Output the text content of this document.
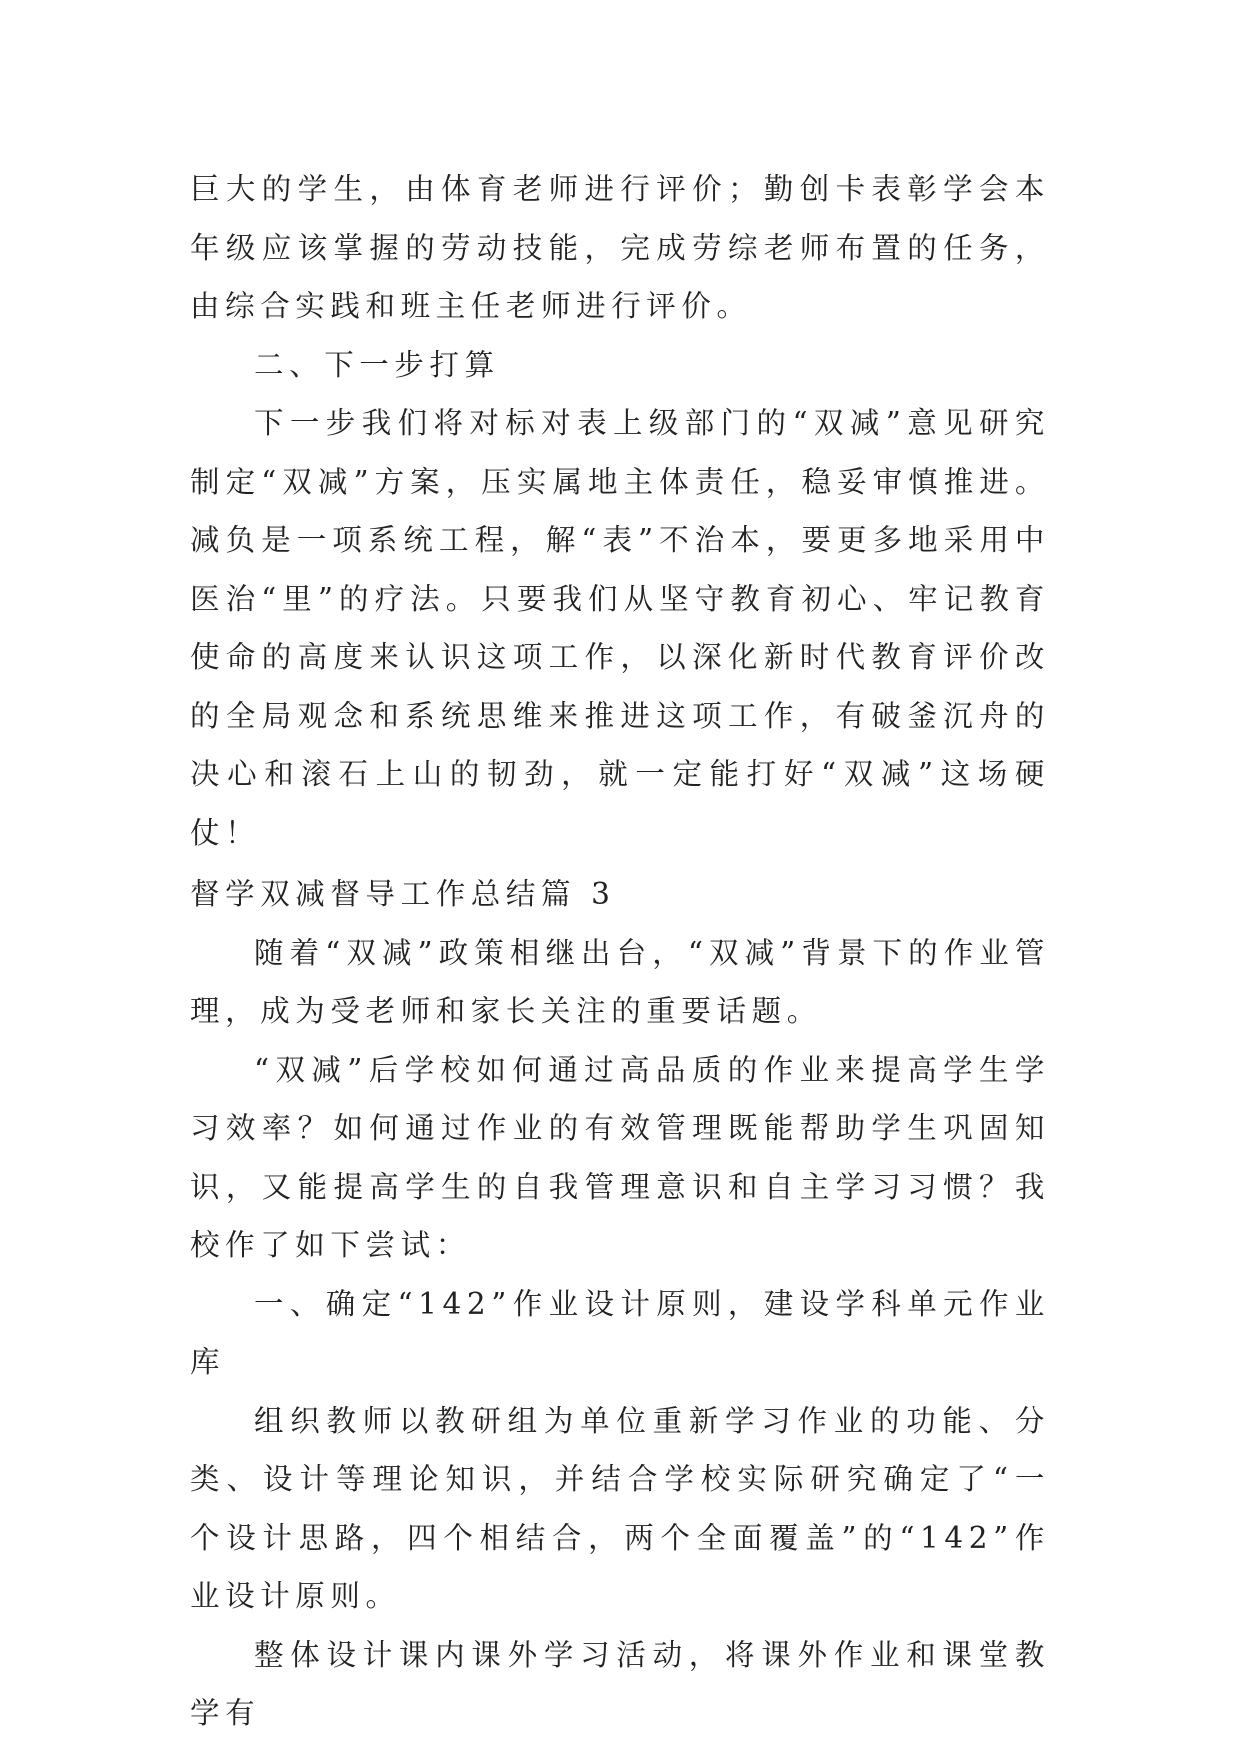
巨大的学生，由体育老师进行评价；勤创卡表彰学会本年级应该掌握的劳动技能，完成劳综老师布置的任务，由综合实践和班主任老师进行评价。

二、下一步打算

下一步我们将对标对表上级部门的“双减”意见研究制定“双减”方案，压实属地主体责任，稳妥审慎推进。减负是一项系统工程，解“表”不治本，要更多地采用中医治“里”的疗法。只要我们从坚守教育初心、牢记教育使命的高度来认识这项工作，以深化新时代教育评价改的全局观念和系统思维来推进这项工作，有破釜沉舟的决心和滚石上山的韧劲，就一定能打好“双减”这场硬仗！

督学双减督导工作总结篇 3

随着“双减”政策相继出台，“双减”背景下的作业管理，成为受老师和家长关注的重要话题。

“双减”后学校如何通过高品质的作业来提高学生学习效率？如何通过作业的有效管理既能帮助学生巩固知识，又能提高学生的自我管理意识和自主学习习惯？我校作了如下尝试：

一、确定“142”作业设计原则，建设学科单元作业库

组织教师以教研组为单位重新学习作业的功能、分类、设计等理论知识，并结合学校实际研究确定了“一个设计思路，四个相结合，两个全面覆盖”的“142”作业设计原则。

整体设计课内课外学习活动，将课外作业和课堂教学有
